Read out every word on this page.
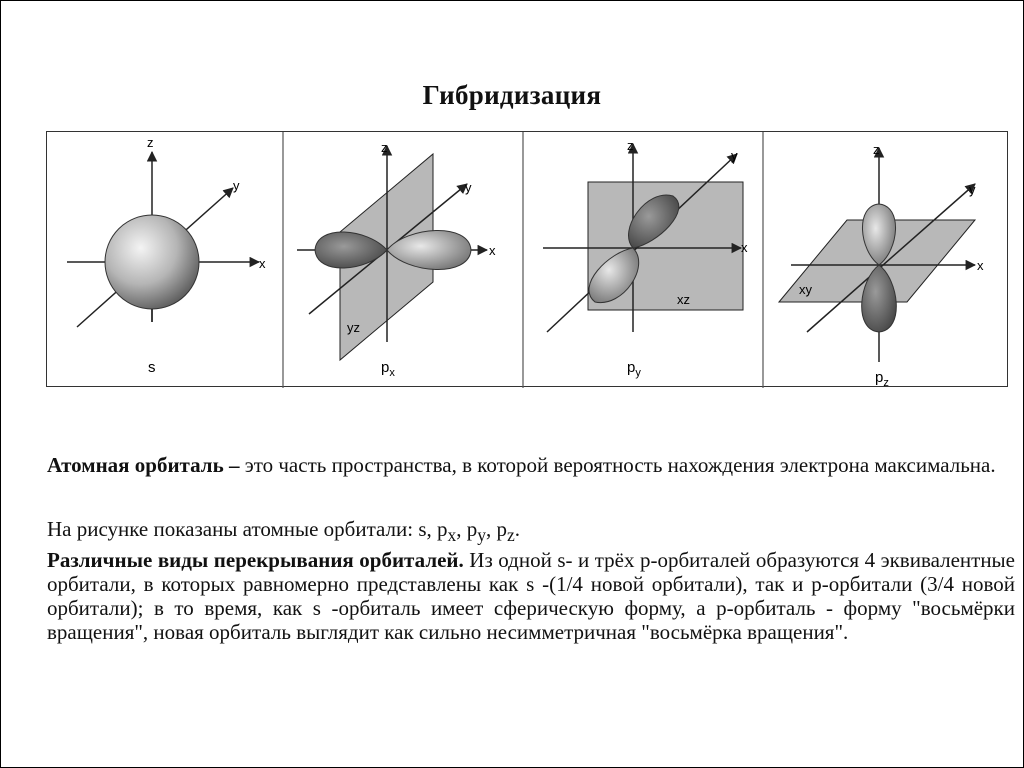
Гибридизация
z
y
x
s
z
y
x
yz
$p_x$
z
y
x
xz
$p_y$
z
y
x
xy
$p_z$

Атомная орбиталь – это часть пространства, в которой вероятность нахождения электрона максимальна.

На рисунке показаны атомные орбитали: s, $p_x$, $p_y$, $p_z$.

Различные виды перекрывания орбиталей. Из одной s- и трёх p-орбиталей образуются 4 эквивалентные орбитали, в которых равномерно представлены как s -(1/4 новой орбитали), так и p-орбитали (3/4 новой орбитали); в то время, как s -орбиталь имеет сферическую форму, а p-орбиталь - форму "восьмёрки вращения", новая орбиталь выглядит как сильно несимметричная "восьмёрка вращения".
